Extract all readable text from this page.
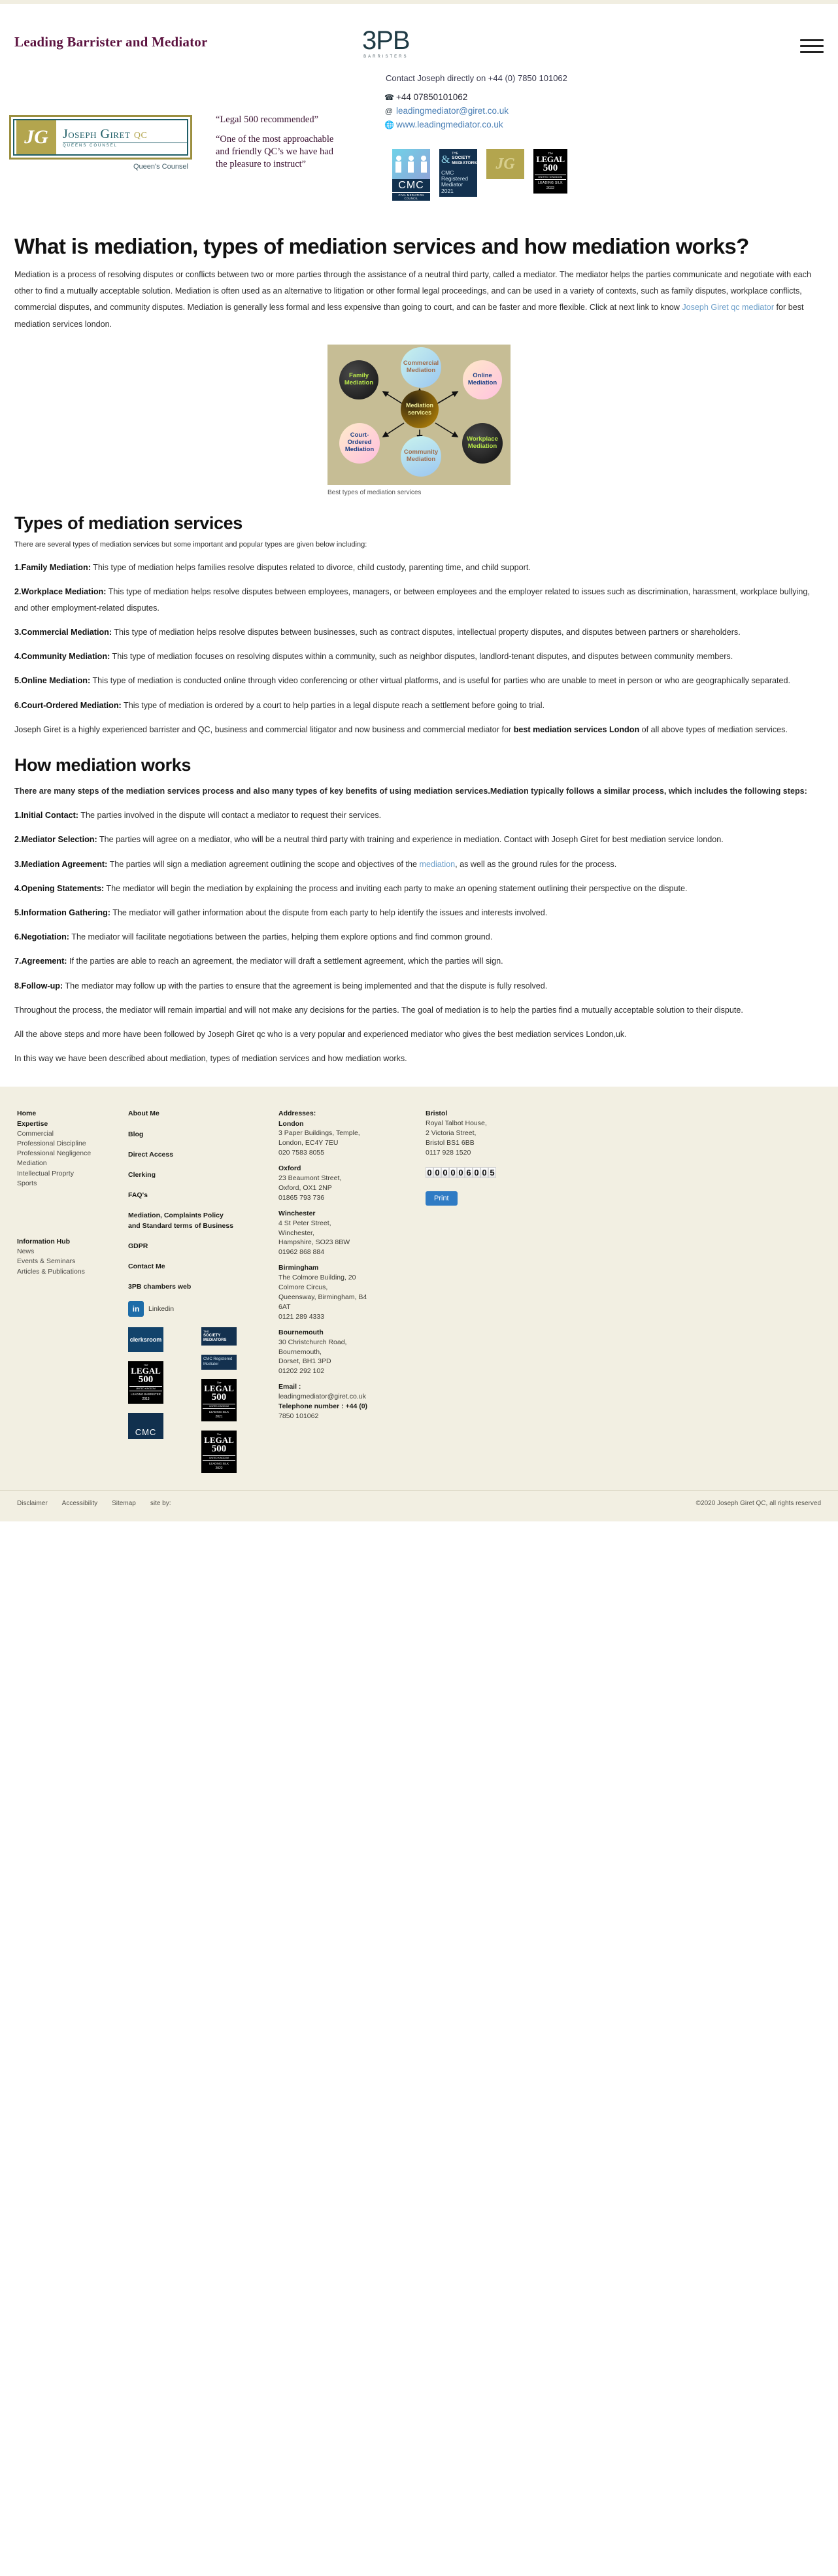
Leading Barrister and Mediator	3PB
BARRISTERS
Contact Joseph directly on +44 (0) 7850 101062
☎ +44 07850101062
@ leadingmediator@giret.co.uk
🌐 www.leadingmediator.co.uk
JG	JOSEPH GIRET QC
QUEENS COUNSEL
Queen's Counsel
“Legal 500 recommended”
“One of the most approachable and friendly QC’s we have had the pleasure to instruct”
CMC
CIVIL MEDIATION COUNCIL
& THE
SOCIETY
MEDIATORS
CMC Registered Mediator 2021
JG
The
LEGAL
500
UNITED KINGDOM
LEADING SILK
2022
What is mediation, types of mediation services and how mediation works?

Mediation is a process of resolving disputes or conflicts between two or more parties through the assistance of a neutral third party, called a mediator. The mediator helps the parties communicate and negotiate with each other to find a mutually acceptable solution. Mediation is often used as an alternative to litigation or other formal legal proceedings, and can be used in a variety of contexts, such as family disputes, workplace conflicts, commercial disputes, and community disputes. Mediation is generally less formal and less expensive than going to court, and can be faster and more flexible. Click at next link to know Joseph Giret qc mediator for best mediation services london.

Family Mediation
Commercial Mediation
Online Mediation
Court-Ordered Mediation	Community Mediation
Workplace Mediation
Mediation services
Best types of mediation services
Types of mediation services

There are several types of mediation services but some important and popular types are given below including:

1.Family Mediation: This type of mediation helps families resolve disputes related to divorce, child custody, parenting time, and child support.

2.Workplace Mediation: This type of mediation helps resolve disputes between employees, managers, or between employees and the employer related to issues such as discrimination, harassment, workplace bullying, and other employment-related disputes.

3.Commercial Mediation: This type of mediation helps resolve disputes between businesses, such as contract disputes, intellectual property disputes, and disputes between partners or shareholders.

4.Community Mediation: This type of mediation focuses on resolving disputes within a community, such as neighbor disputes, landlord-tenant disputes, and disputes between community members.

5.Online Mediation: This type of mediation is conducted online through video conferencing or other virtual platforms, and is useful for parties who are unable to meet in person or who are geographically separated.

6.Court-Ordered Mediation: This type of mediation is ordered by a court to help parties in a legal dispute reach a settlement before going to trial.

Joseph Giret is a highly experienced barrister and QC, business and commercial litigator and now business and commercial mediator for best mediation services London of all above types of mediation services.

How mediation works

There are many steps of the mediation services process and also many types of key benefits of using mediation services.Mediation typically follows a similar process, which includes the following steps:

1.Initial Contact: The parties involved in the dispute will contact a mediator to request their services.

2.Mediator Selection: The parties will agree on a mediator, who will be a neutral third party with training and experience in mediation. Contact with Joseph Giret for best mediation service london.

3.Mediation Agreement: The parties will sign a mediation agreement outlining the scope and objectives of the mediation, as well as the ground rules for the process.

4.Opening Statements: The mediator will begin the mediation by explaining the process and inviting each party to make an opening statement outlining their perspective on the dispute.

5.Information Gathering: The mediator will gather information about the dispute from each party to help identify the issues and interests involved.

6.Negotiation: The mediator will facilitate negotiations between the parties, helping them explore options and find common ground.

7.Agreement: If the parties are able to reach an agreement, the mediator will draft a settlement agreement, which the parties will sign.

8.Follow-up: The mediator may follow up with the parties to ensure that the agreement is being implemented and that the dispute is fully resolved.

Throughout the process, the mediator will remain impartial and will not make any decisions for the parties. The goal of mediation is to help the parties find a mutually acceptable solution to their dispute.

All the above steps and more have been followed by Joseph Giret qc who is a very popular and experienced mediator who gives the best mediation services London,uk.

In this way we have been described about mediation, types of mediation services and how mediation works.

Home
Expertise
Commercial
Professional Discipline
Professional Negligence
Mediation
Intellectual Proprty
Sports
Information Hub
News
Events & Seminars
Articles & Publications
About Me
Blog
Direct Access
Clerking
FAQ's
Mediation, Complaints Policy
and Standard terms of Business
GDPR
Contact Me
3PB chambers web
in	Linkedin
clerksroom
The
LEGAL
500
UNITED KINGDOM
LEADING BARRISTER
2013
CMC
THE
SOCIETY
MEDIATORS
CMC Registered Mediator
The
LEGAL
500
UNITED KINGDOM
LEADING SILK
2021
The
LEGAL
500
UNITED KINGDOM
LEADING SILK
2022
Addresses:
London
3 Paper Buildings, Temple,
London, EC4Y 7EU
020 7583 8055
Oxford
23 Beaumont Street,
Oxford, OX1 2NP
01865 793 736
Winchester
4 St Peter Street,
Winchester,
Hampshire, SO23 8BW
01962 868 884
Birmingham
The Colmore Building, 20
Colmore Circus,
Queensway, Birmingham, B4
6AT
0121 289 4333
Bournemouth
30 Christchurch Road,
Bournemouth,
Dorset, BH1 3PD
01202 292 102
Email :
leadingmediator@giret.co.uk
Telephone number : +44 (0)
7850 101062
Bristol
Royal Talbot House,
2 Victoria Street,
Bristol BS1 6BB
0117 928 1520
0 0 0 0 0 6 0 0 5
Print
Disclaimer Accessibility Sitemap site by:	©2020 Joseph Giret QC, all rights reserved
